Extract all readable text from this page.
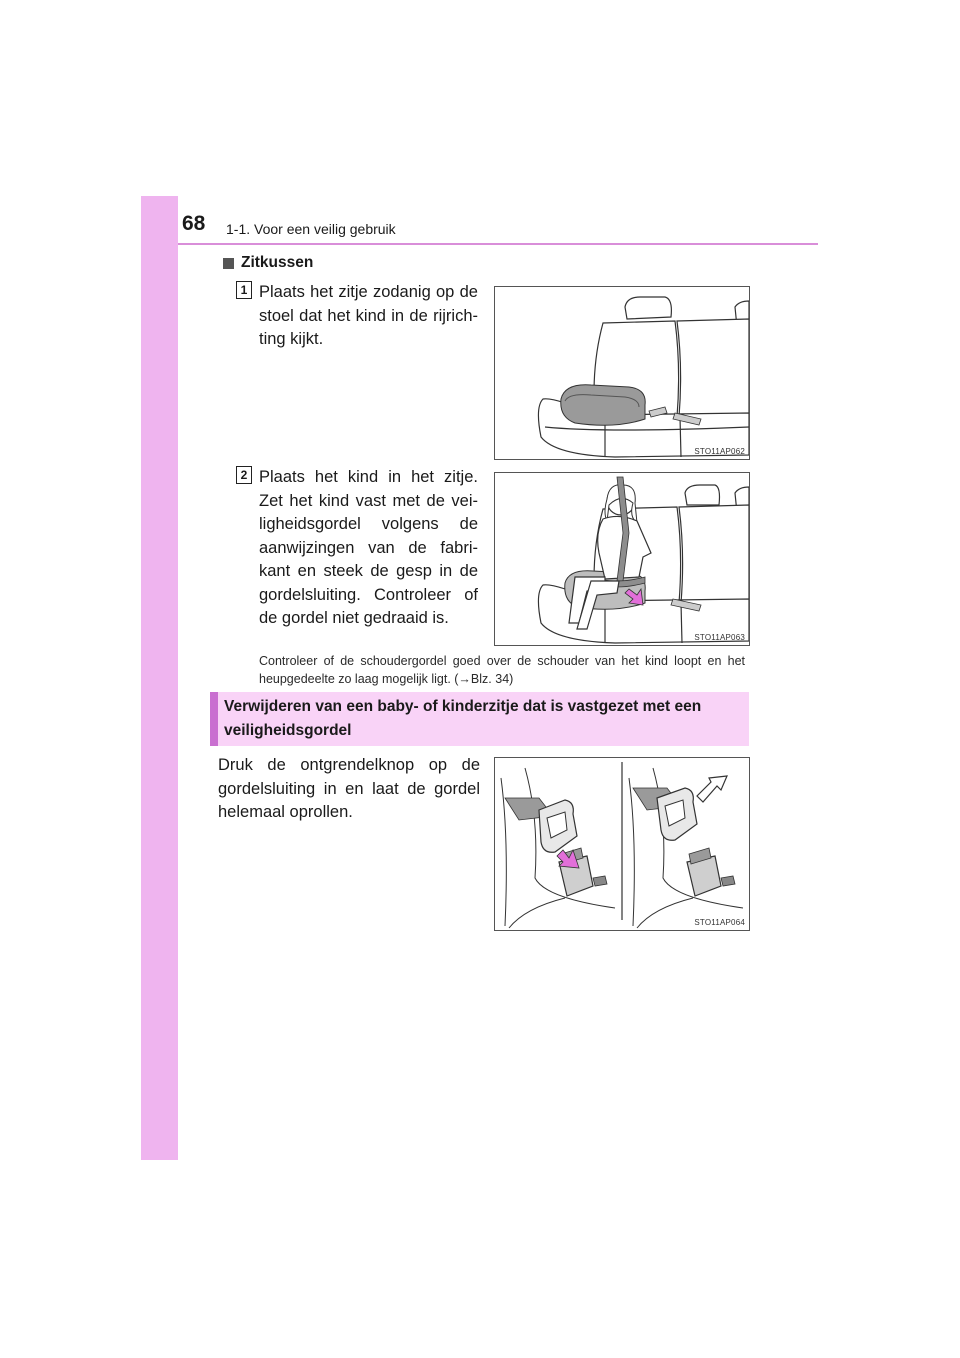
68 1-1. Voor een veilig gebruik
Zitkussen
1 Plaats het zitje zodanig op de stoel dat het kind in de rijrich- ting kijkt.
STO11AP062
2 Plaats het kind in het zitje. Zet het kind vast met de vei- ligheidsgordel volgens de aanwijzingen van de fabri- kant en steek de gesp in de gordelsluiting. Controleer of de gordel niet gedraaid is.
STO11AP063
Controleer of de schoudergordel goed over de schouder van het kind loopt en het heupgedeelte zo laag mogelijk ligt. (→Blz. 34)
Verwijderen van een baby- of kinderzitje dat is vastgezet met een veiligheidsgordel
Druk de ontgrendelknop op de gordelsluiting in en laat de gordel helemaal oprollen.
STO11AP064
